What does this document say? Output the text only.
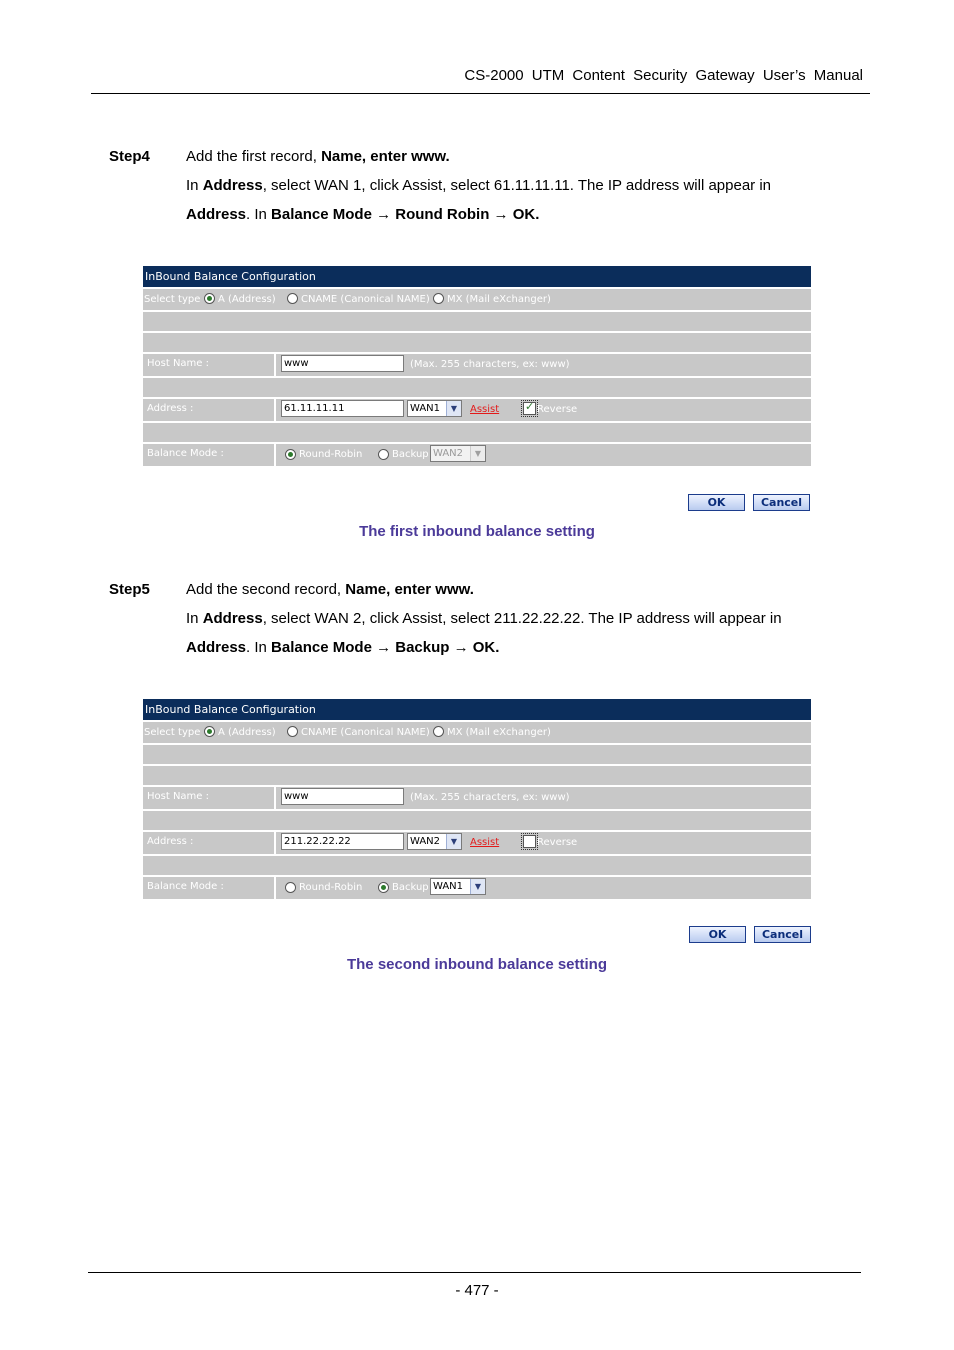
CS-2000 UTM Content Security Gateway User’s Manual
Step4 Add the first record, Name, enter www.
In Address, select WAN 1, click Assist, select 61.11.11.11. The IP address will appear in
Address. In Balance Mode → Round Robin → OK.
InBound Balance Configuration
Select type A (Address)	CNAME (Canonical NAME) MX (Mail eXchanger)
Host Name :	www	(Max. 255 characters, ex: www)
Address :	61.11.11.11	WAN1	▼	Assist
✓	Reverse
Balance Mode :	Round-Robin	Backup WAN2	▼
OK	Cancel
The first inbound balance setting
Step5 Add the second record, Name, enter www.
In Address, select WAN 2, click Assist, select 211.22.22.22. The IP address will appear in
Address. In Balance Mode → Backup → OK.
InBound Balance Configuration
Select type A (Address)	CNAME (Canonical NAME) MX (Mail eXchanger)
Host Name :	www	(Max. 255 characters, ex: www)
Address :	211.22.22.22	WAN2	▼	Assist	Reverse
Balance Mode :	Round-Robin	Backup WAN1	▼
OK	Cancel
The second inbound balance setting
- 477 -
